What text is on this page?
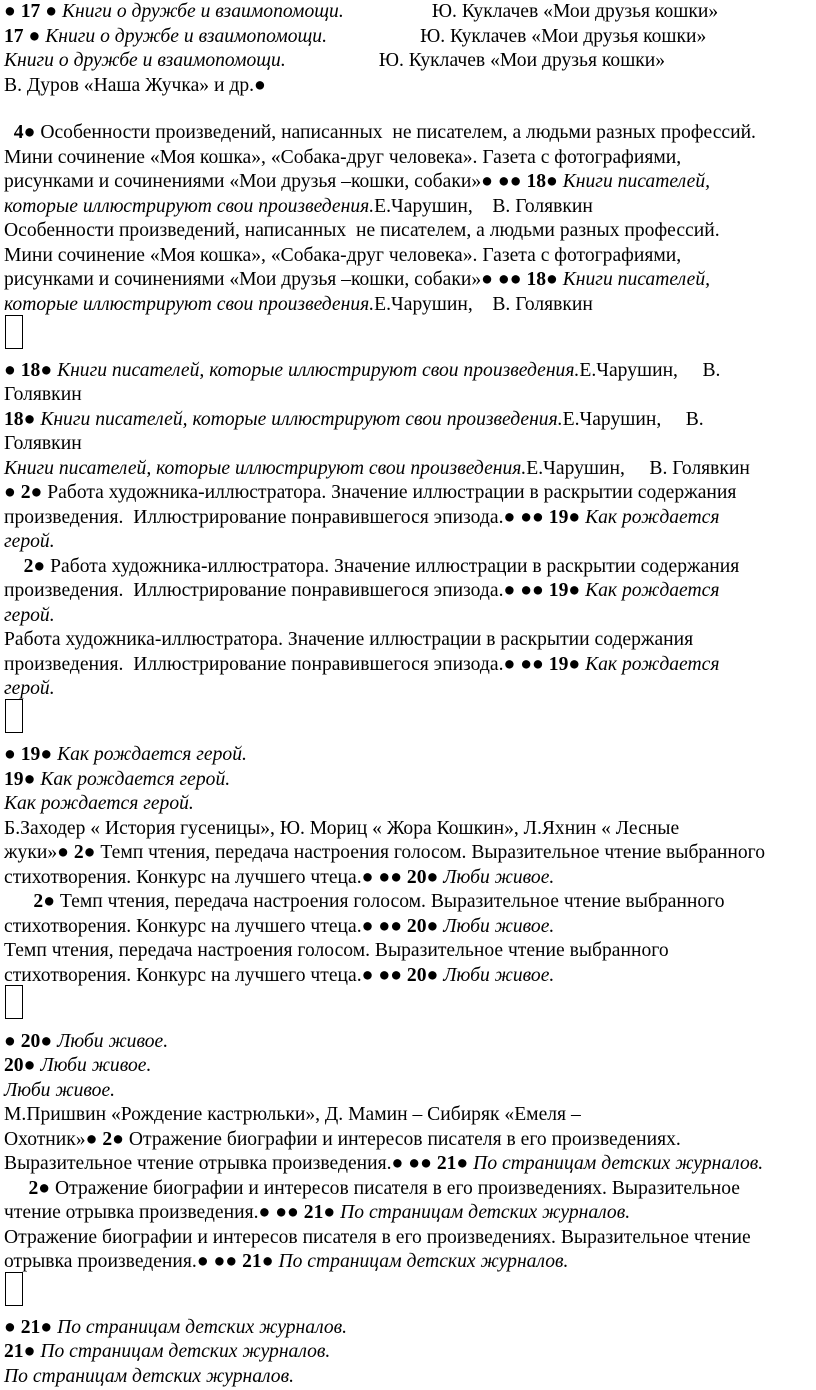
● 17 ● Книги о дружбе и взаимопомощи.                  Ю. Куклачев «Мои друзья кошки»
17 ● Книги о дружбе и взаимопомощи.                   Ю. Куклачев «Мои друзья кошки»
Книги о дружбе и взаимопомощи.                   Ю. Куклачев «Мои друзья кошки»
В. Дуров «Наша Жучка» и др.●
4● Особенности произведений, написанных  не писателем, а людьми разных профессий.
Мини сочинение «Моя кошка», «Собака-друг человека». Газета с фотографиями,
рисунками и сочинениями «Мои друзья –кошки, собаки»● ●● 18● Книги писателей,
которые иллюстрируют свои произведения.Е.Чарушин,    В. Голявкин
Особенности произведений, написанных  не писателем, а людьми разных профессий.
Мини сочинение «Моя кошка», «Собака-друг человека». Газета с фотографиями,
рисунками и сочинениями «Мои друзья –кошки, собаки»● ●● 18● Книги писателей,
которые иллюстрируют свои произведения.Е.Чарушин,    В. Голявкин
● 18● Книги писателей, которые иллюстрируют свои произведения.Е.Чарушин,     В.
Голявкин
18● Книги писателей, которые иллюстрируют свои произведения.Е.Чарушин,     В.
Голявкин
Книги писателей, которые иллюстрируют свои произведения.Е.Чарушин,     В. Голявкин
● 2● Работа художника-иллюстратора. Значение иллюстрации в раскрытии содержания
произведения.  Иллюстрирование понравившегося эпизода.● ●● 19● Как рождается
герой.
2● Работа художника-иллюстратора. Значение иллюстрации в раскрытии содержания
произведения.  Иллюстрирование понравившегося эпизода.● ●● 19● Как рождается
герой.
Работа художника-иллюстратора. Значение иллюстрации в раскрытии содержания
произведения.  Иллюстрирование понравившегося эпизода.● ●● 19● Как рождается
герой.
● 19● Как рождается герой.
19● Как рождается герой.
Как рождается герой.
Б.Заходер « История гусеницы», Ю. Мориц « Жора Кошкин», Л.Яхнин « Лесные
жуки»● 2● Темп чтения, передача настроения голосом. Выразительное чтение выбранного
стихотворения. Конкурс на лучшего чтеца.● ●● 20● Люби живое.
2● Темп чтения, передача настроения голосом. Выразительное чтение выбранного
стихотворения. Конкурс на лучшего чтеца.● ●● 20● Люби живое.
Темп чтения, передача настроения голосом. Выразительное чтение выбранного
стихотворения. Конкурс на лучшего чтеца.● ●● 20● Люби живое.
● 20● Люби живое.
20● Люби живое.
Люби живое.
М.Пришвин «Рождение кастрюльки», Д. Мамин – Сибиряк «Емеля –
Охотник»● 2● Отражение биографии и интересов писателя в его произведениях.
Выразительное чтение отрывка произведения.● ●● 21● По страницам детских журналов.
2● Отражение биографии и интересов писателя в его произведениях. Выразительное
чтение отрывка произведения.● ●● 21● По страницам детских журналов.
Отражение биографии и интересов писателя в его произведениях. Выразительное чтение
отрывка произведения.● ●● 21● По страницам детских журналов.
● 21● По страницам детских журналов.
21● По страницам детских журналов.
По страницам детских журналов.
